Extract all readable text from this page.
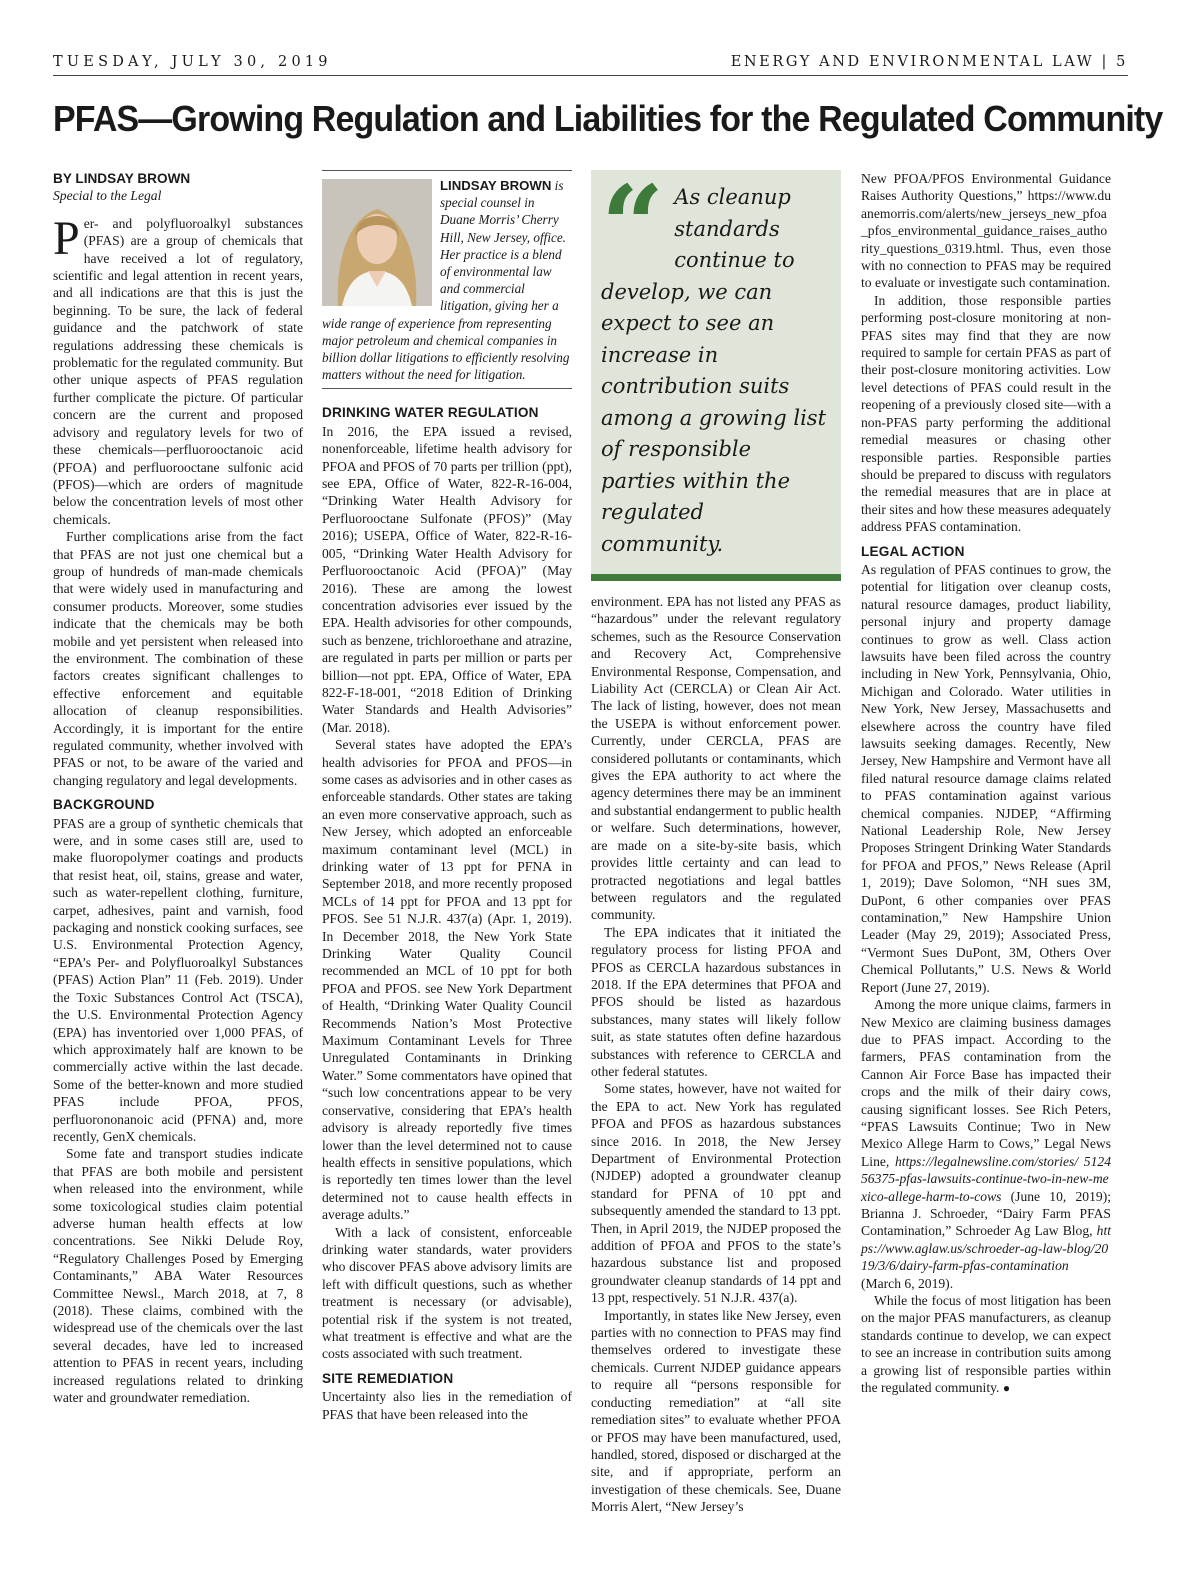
TUESDAY, JULY 30, 2019	ENERGY AND ENVIRONMENTAL LAW | 5
PFAS—Growing Regulation and Liabilities for the Regulated Community
BY LINDSAY BROWN
Special to the Legal

Per- and polyfluoroalkyl substances (PFAS) are a group of chemicals that have received a lot of regulatory, scientific and legal attention in recent years, and all indications are that this is just the beginning. To be sure, the lack of federal guidance and the patchwork of state regulations addressing these chemicals is problematic for the regulated community. But other unique aspects of PFAS regulation further complicate the picture. Of particular concern are the current and proposed advisory and regulatory levels for two of these chemicals—perfluorooctanoic acid (PFOA) and perfluorooctane sulfonic acid (PFOS)—which are orders of magnitude below the concentration levels of most other chemicals.

Further complications arise from the fact that PFAS are not just one chemical but a group of hundreds of man-made chemicals that were widely used in manufacturing and consumer products. Moreover, some studies indicate that the chemicals may be both mobile and yet persistent when released into the environment. The combination of these factors creates significant challenges to effective enforcement and equitable allocation of cleanup responsibilities. Accordingly, it is important for the entire regulated community, whether involved with PFAS or not, to be aware of the varied and changing regulatory and legal developments.

BACKGROUND

PFAS are a group of synthetic chemicals that were, and in some cases still are, used to make fluoropolymer coatings and products that resist heat, oil, stains, grease and water, such as water-repellent clothing, furniture, carpet, adhesives, paint and varnish, food packaging and nonstick cooking surfaces, see U.S. Environmental Protection Agency, “EPA’s Per- and Polyfluoroalkyl Substances (PFAS) Action Plan” 11 (Feb. 2019). Under the Toxic Substances Control Act (TSCA), the U.S. Environmental Protection Agency (EPA) has inventoried over 1,000 PFAS, of which approximately half are known to be commercially active within the last decade. Some of the better-known and more studied PFAS include PFOA, PFOS, perfluorononanoic acid (PFNA) and, more recently, GenX chemicals.

Some fate and transport studies indicate that PFAS are both mobile and persistent when released into the environment, while some toxicological studies claim potential adverse human health effects at low concentrations. See Nikki Delude Roy, “Regulatory Challenges Posed by Emerging Contaminants,” ABA Water Resources Committee Newsl., March 2018, at 7, 8 (2018). These claims, combined with the widespread use of the chemicals over the last several decades, have led to increased attention to PFAS in recent years, including increased regulations related to drinking water and groundwater remediation.

LINDSAY BROWN is special counsel in Duane Morris’ Cherry Hill, New Jersey, office. Her practice is a blend of environmental law and commercial litigation, giving her a wide range of experience from representing major petroleum and chemical companies in billion dollar litigations to efficiently resolving matters without the need for litigation.
DRINKING WATER REGULATION

In 2016, the EPA issued a revised, nonenforceable, lifetime health advisory for PFOA and PFOS of 70 parts per trillion (ppt), see EPA, Office of Water, 822-R-16-004, “Drinking Water Health Advisory for Perfluorooctane Sulfonate (PFOS)” (May 2016); USEPA, Office of Water, 822-R-16-005, “Drinking Water Health Advisory for Perfluorooctanoic Acid (PFOA)” (May 2016). These are among the lowest concentration advisories ever issued by the EPA. Health advisories for other compounds, such as benzene, trichloroethane and atrazine, are regulated in parts per million or parts per billion—not ppt. EPA, Office of Water, EPA 822-F-18-001, “2018 Edition of Drinking Water Standards and Health Advisories” (Mar. 2018).

Several states have adopted the EPA’s health advisories for PFOA and PFOS—in some cases as advisories and in other cases as enforceable standards. Other states are taking an even more conservative approach, such as New Jersey, which adopted an enforceable maximum contaminant level (MCL) in drinking water of 13 ppt for PFNA in September 2018, and more recently proposed MCLs of 14 ppt for PFOA and 13 ppt for PFOS. See 51 N.J.R. 437(a) (Apr. 1, 2019). In December 2018, the New York State Drinking Water Quality Council recommended an MCL of 10 ppt for both PFOA and PFOS. see New York Department of Health, “Drinking Water Quality Council Recommends Nation’s Most Protective Maximum Contaminant Levels for Three Unregulated Contaminants in Drinking Water.” Some commentators have opined that “such low concentrations appear to be very conservative, considering that EPA’s health advisory is already reportedly five times lower than the level determined not to cause health effects in sensitive populations, which is reportedly ten times lower than the level determined not to cause health effects in average adults.”

With a lack of consistent, enforceable drinking water standards, water providers who discover PFAS above advisory limits are left with difficult questions, such as whether treatment is necessary (or advisable), potential risk if the system is not treated, what treatment is effective and what are the costs associated with such treatment.

SITE REMEDIATION

Uncertainty also lies in the remediation of PFAS that have been released into the

“ As cleanup standards continue to develop, we can expect to see an increase in contribution suits among a growing list of responsible parties within the regulated community.

environment. EPA has not listed any PFAS as “hazardous” under the relevant regulatory schemes, such as the Resource Conservation and Recovery Act, Comprehensive Environmental Response, Compensation, and Liability Act (CERCLA) or Clean Air Act. The lack of listing, however, does not mean the USEPA is without enforcement power. Currently, under CERCLA, PFAS are considered pollutants or contaminants, which gives the EPA authority to act where the agency determines there may be an imminent and substantial endangerment to public health or welfare. Such determinations, however, are made on a site-by-site basis, which provides little certainty and can lead to protracted negotiations and legal battles between regulators and the regulated community.

The EPA indicates that it initiated the regulatory process for listing PFOA and PFOS as CERCLA hazardous substances in 2018. If the EPA determines that PFOA and PFOS should be listed as hazardous substances, many states will likely follow suit, as state statutes often define hazardous substances with reference to CERCLA and other federal statutes.

Some states, however, have not waited for the EPA to act. New York has regulated PFOA and PFOS as hazardous substances since 2016. In 2018, the New Jersey Department of Environmental Protection (NJDEP) adopted a groundwater cleanup standard for PFNA of 10 ppt and subsequently amended the standard to 13 ppt. Then, in April 2019, the NJDEP proposed the addition of PFOA and PFOS to the state’s hazardous substance list and proposed groundwater cleanup standards of 14 ppt and 13 ppt, respectively. 51 N.J.R. 437(a).

Importantly, in states like New Jersey, even parties with no connection to PFAS may find themselves ordered to investigate these chemicals. Current NJDEP guidance appears to require all “persons responsible for conducting remediation” at “all site remediation sites” to evaluate whether PFOA or PFOS may have been manufactured, used, handled, stored, disposed or discharged at the site, and if appropriate, perform an investigation of these chemicals. See, Duane Morris Alert, “New Jersey’s

New PFOA/PFOS Environmental Guidance Raises Authority Questions,” https://www.duanemorris.com/alerts/new_jerseys_new_pfoa_pfos_environmental_guidance_raises_authority_questions_0319.html. Thus, even those with no connection to PFAS may be required to evaluate or investigate such contamination.

In addition, those responsible parties performing post-closure monitoring at non-PFAS sites may find that they are now required to sample for certain PFAS as part of their post-closure monitoring activities. Low level detections of PFAS could result in the reopening of a previously closed site—with a non-PFAS party performing the additional remedial measures or chasing other responsible parties. Responsible parties should be prepared to discuss with regulators the remedial measures that are in place at their sites and how these measures adequately address PFAS contamination.

LEGAL ACTION

As regulation of PFAS continues to grow, the potential for litigation over cleanup costs, natural resource damages, product liability, personal injury and property damage continues to grow as well. Class action lawsuits have been filed across the country including in New York, Pennsylvania, Ohio, Michigan and Colorado. Water utilities in New York, New Jersey, Massachusetts and elsewhere across the country have filed lawsuits seeking damages. Recently, New Jersey, New Hampshire and Vermont have all filed natural resource damage claims related to PFAS contamination against various chemical companies. NJDEP, “Affirming National Leadership Role, New Jersey Proposes Stringent Drinking Water Standards for PFOA and PFOS,” News Release (April 1, 2019); Dave Solomon, “NH sues 3M, DuPont, 6 other companies over PFAS contamination,” New Hampshire Union Leader (May 29, 2019); Associated Press, “Vermont Sues DuPont, 3M, Others Over Chemical Pollutants,” U.S. News & World Report (June 27, 2019).

Among the more unique claims, farmers in New Mexico are claiming business damages due to PFAS impact. According to the farmers, PFAS contamination from the Cannon Air Force Base has impacted their crops and the milk of their dairy cows, causing significant losses. See Rich Peters, “PFAS Lawsuits Continue; Two in New Mexico Allege Harm to Cows,” Legal News Line, https://legalnewsline.com/stories/ 512456375-pfas-lawsuits-continue-two-in-new-mexico-allege-harm-to-cows (June 10, 2019); Brianna J. Schroeder, “Dairy Farm PFAS Contamination,” Schroeder Ag Law Blog, https://www.aglaw.us/schroeder-ag-law-blog/2019/3/6/dairy-farm-pfas-contamination (March 6, 2019).

While the focus of most litigation has been on the major PFAS manufacturers, as cleanup standards continue to develop, we can expect to see an increase in contribution suits among a growing list of responsible parties within the regulated community. ●
